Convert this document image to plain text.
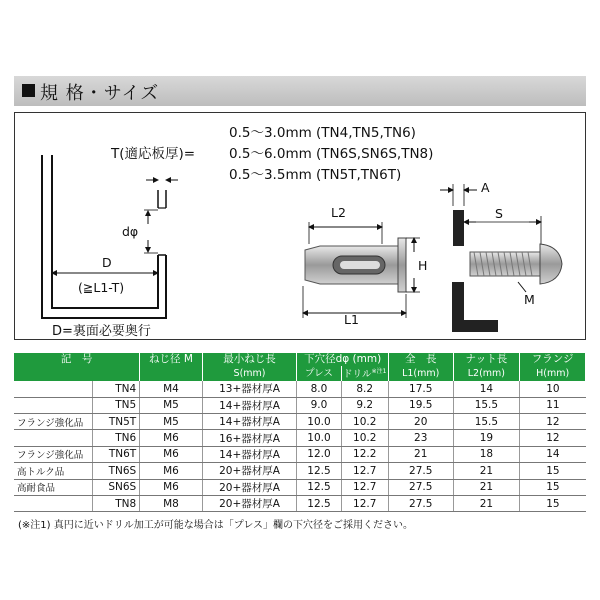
規 格・サイズ
0.5～3.0mm (TN4,TN5,TN6)
T(適応板厚)=	0.5～6.0mm (TN6S,SN6S,TN8)
0.5～3.5mm (TN5T,TN6T)
dφ
D
(≧L1-T)
D=裏面必要奥行
L2
H
L1
A
S
M
記　号		ねじ径 M	最小ねじ長	下穴径dφ (mm)		全　長	ナット長	フランジ
			S(mm)	プレス	ドリル$^{※注1}$	L1(mm)	L2(mm)	H(mm)
	TN4	M4	13+器材厚A	8.0	8.2	17.5	14	10
	TN5	M5	14+器材厚A	9.0	9.2	19.5	15.5	11
フランジ強化品	TN5T	M5	14+器材厚A	10.0	10.2	20	15.5	12
	TN6	M6	16+器材厚A	10.0	10.2	23	19	12
フランジ強化品	TN6T	M6	14+器材厚A	12.0	12.2	21	18	14
高トルク品	TN6S	M6	20+器材厚A	12.5	12.7	27.5	21	15
高耐食品	SN6S	M6	20+器材厚A	12.5	12.7	27.5	21	15
	TN8	M8	20+器材厚A	12.5	12.7	27.5	21	15
(※注1) 真円に近いドリル加工が可能な場合は「プレス」欄の下穴径をご採用ください。
